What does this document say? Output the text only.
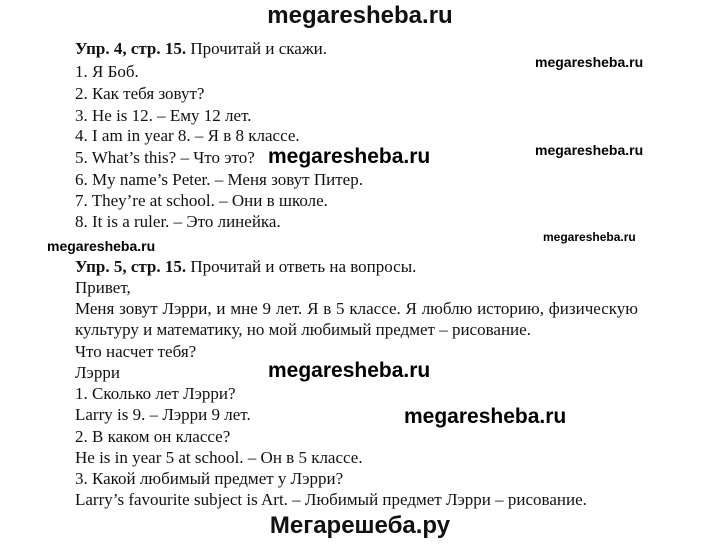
megaresheba.ru
Упр. 4, стр. 15. Прочитай и скажи.
1. Я Боб.
2. Как тебя зовут?
3. He is 12. – Ему 12 лет.
4. I am in year 8. – Я в 8 классе.
5. What’s this? – Что это?
6. My name’s Peter. – Меня зовут Питер.
7. They’re at school. – Они в школе.
8. It is a ruler. – Это линейка.
Упр. 5, стр. 15. Прочитай и ответь на вопросы.
Привет,
Меня зовут Лэрри, и мне 9 лет. Я в 5 классе. Я люблю историю, физическую культуру и математику, но мой любимый предмет – рисование.
Что насчет тебя?
Лэрри
1. Сколько лет Лэрри?
Larry is 9. – Лэрри 9 лет.
2. В каком он классе?
He is in year 5 at school. – Он в 5 классе.
3. Какой любимый предмет у Лэрри?
Larry’s favourite subject is Art. – Любимый предмет Лэрри – рисование.
megaresheba.ru
megaresheba.ru	megaresheba.ru
megaresheba.ru
megaresheba.ru
megaresheba.ru
megaresheba.ru
Мегарешеба.ру
